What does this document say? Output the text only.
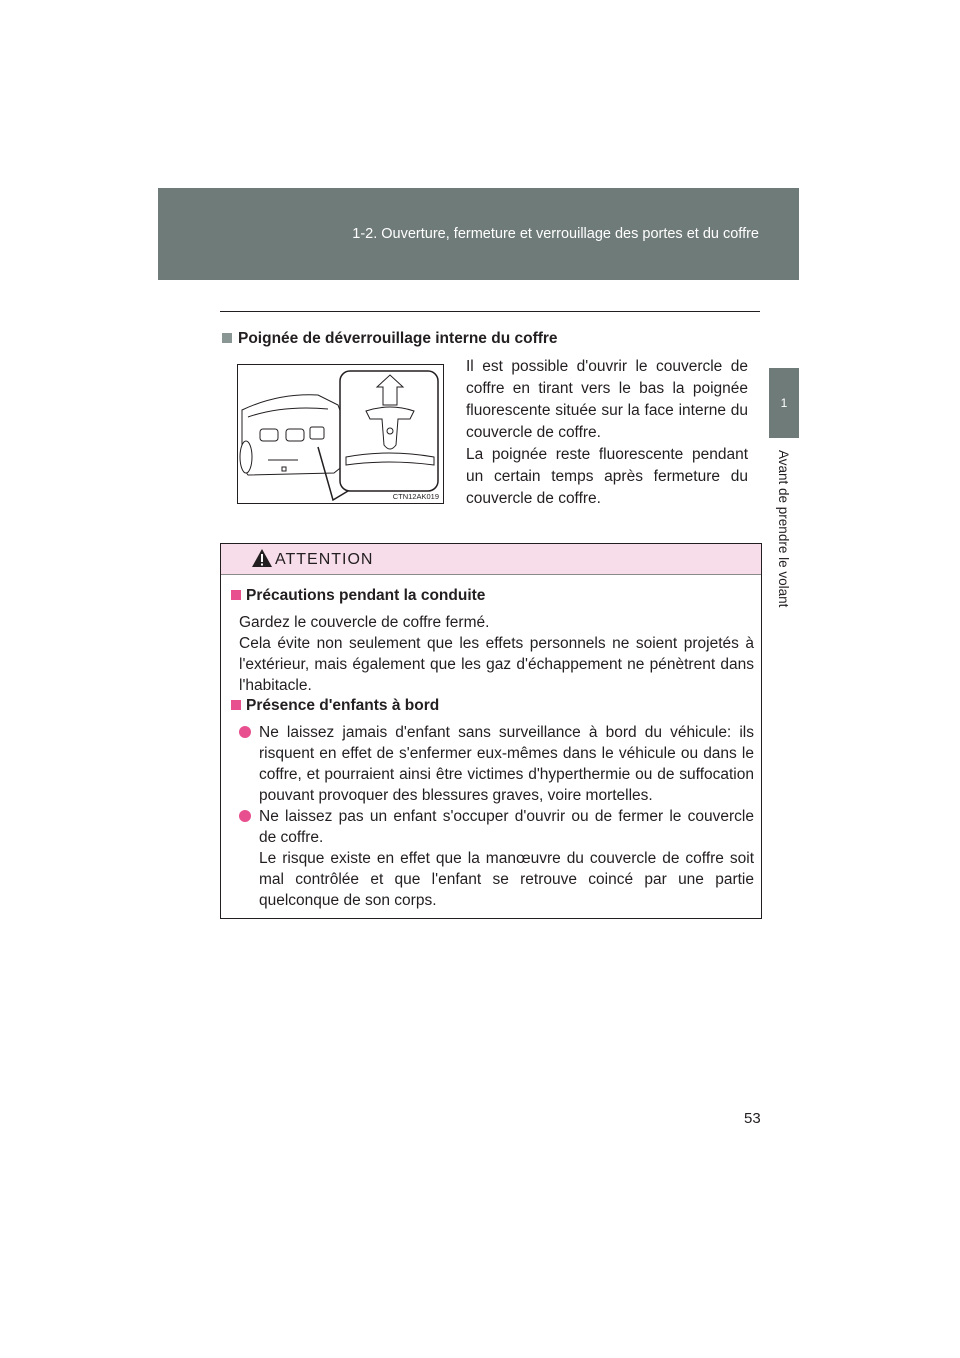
1-2. Ouverture, fermeture et verrouillage des portes et du coffre
1
Avant de prendre le volant
Poignée de déverrouillage interne du coffre
CTN12AK019
Il est possible d'ouvrir le couvercle de coffre en tirant vers le bas la poignée fluorescente située sur la face interne du couvercle de coffre.
La poignée reste fluorescente pendant un certain temps après fermeture du couvercle de coffre.
ATTENTION
Précautions pendant la conduite
Gardez le couvercle de coffre fermé.
Cela évite non seulement que les effets personnels ne soient projetés à l'extérieur, mais également que les gaz d'échappement ne pénètrent dans l'habitacle.
Présence d'enfants à bord
Ne laissez jamais d'enfant sans surveillance à bord du véhicule: ils risquent en effet de s'enfermer eux-mêmes dans le véhicule ou dans le coffre, et pourraient ainsi être victimes d'hyperthermie ou de suffocation pouvant provoquer des blessures graves, voire mortelles.
Ne laissez pas un enfant s'occuper d'ouvrir ou de fermer le couvercle de coffre.
Le risque existe en effet que la manœuvre du couvercle de coffre soit mal contrôlée et que l'enfant se retrouve coincé par une partie quelconque de son corps.
53
